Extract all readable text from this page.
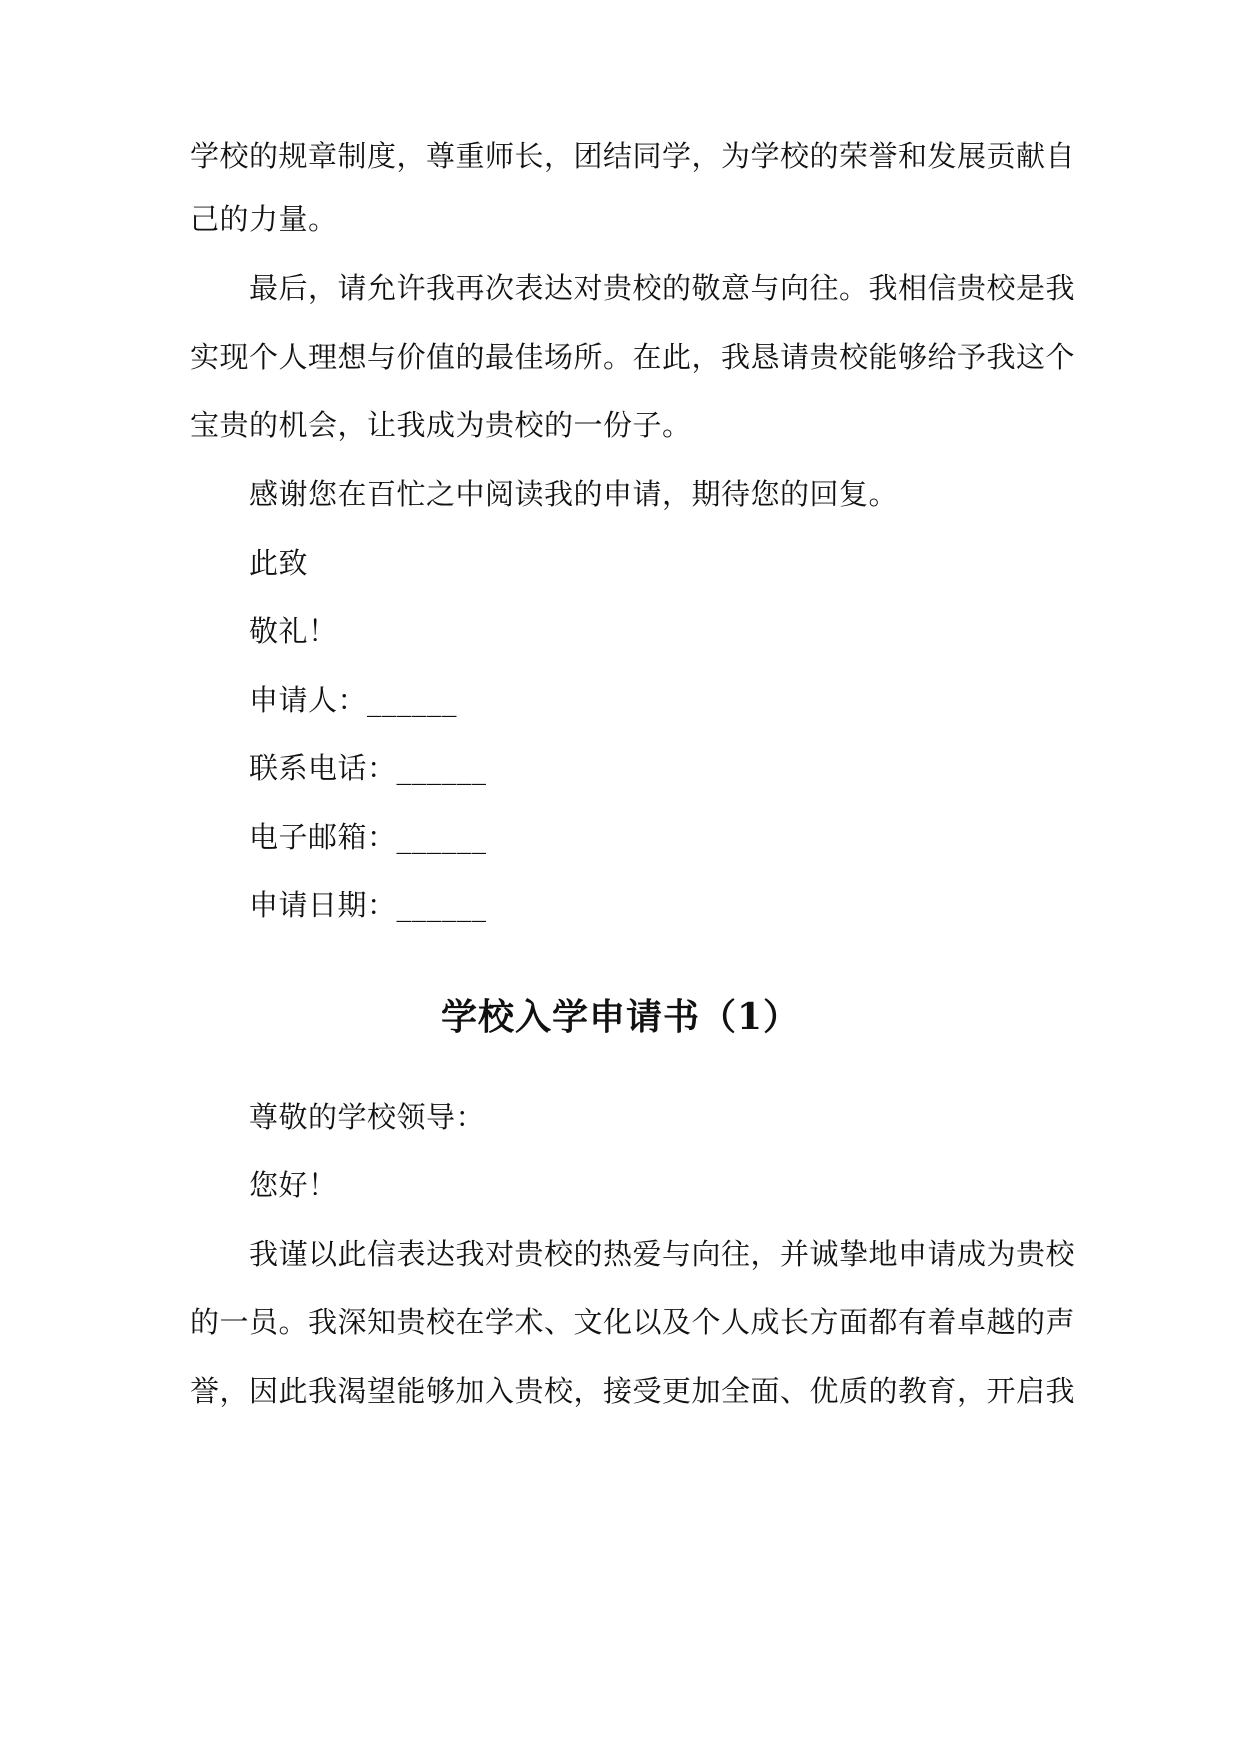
学校的规章制度，尊重师长，团结同学，为学校的荣誉和发展贡献自
己的力量。
最后，请允许我再次表达对贵校的敬意与向往。我相信贵校是我
实现个人理想与价值的最佳场所。在此，我恳请贵校能够给予我这个
宝贵的机会，让我成为贵校的一份子。
感谢您在百忙之中阅读我的申请，期待您的回复。
此致
敬礼！
申请人：______
联系电话：______
电子邮箱：______
申请日期：______
学校入学申请书（1）
尊敬的学校领导：
您好！
我谨以此信表达我对贵校的热爱与向往，并诚挚地申请成为贵校
的一员。我深知贵校在学术、文化以及个人成长方面都有着卓越的声
誉，因此我渴望能够加入贵校，接受更加全面、优质的教育，开启我
